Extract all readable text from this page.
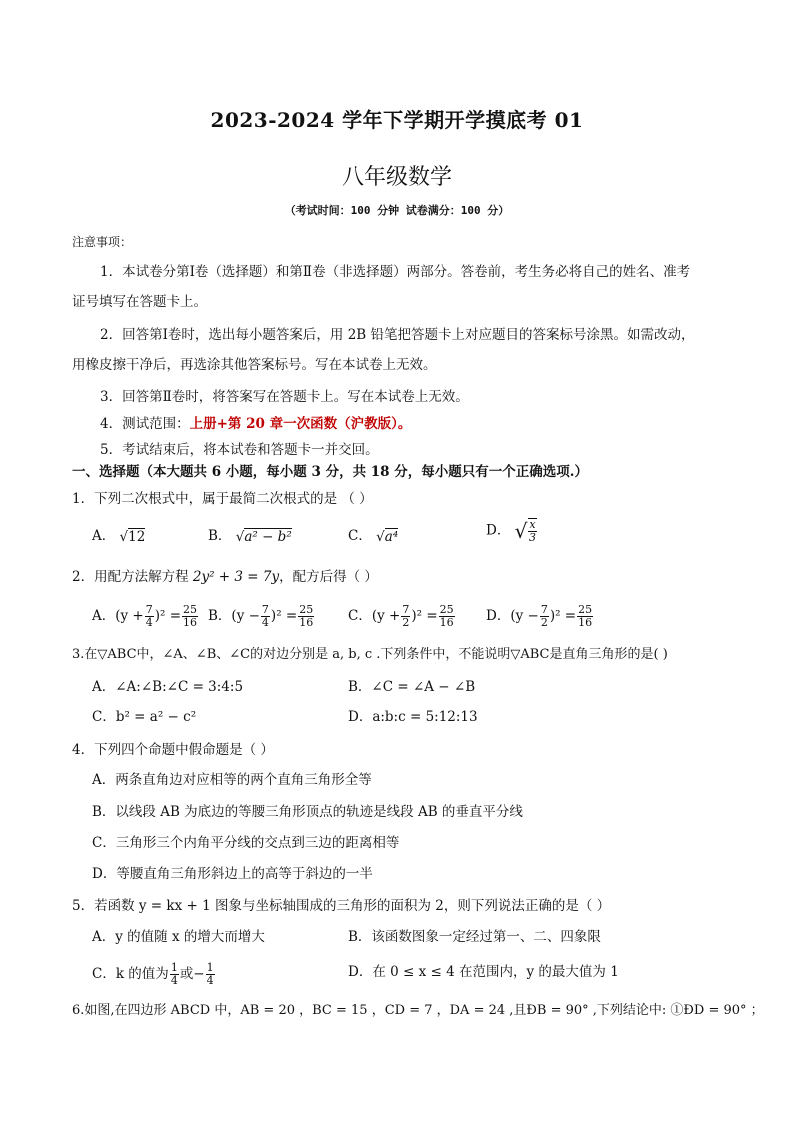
2023-2024 学年下学期开学摸底考 01
八年级数学
（考试时间：100 分钟 试卷满分：100 分）
注意事项：
1．本试卷分第Ⅰ卷（选择题）和第Ⅱ卷（非选择题）两部分。答卷前，考生务必将自己的姓名、准考
证号填写在答题卡上。
2．回答第Ⅰ卷时，选出每小题答案后，用 2B 铅笔把答题卡上对应题目的答案标号涂黑。如需改动，
用橡皮擦干净后，再选涂其他答案标号。写在本试卷上无效。
3．回答第Ⅱ卷时，将答案写在答题卡上。写在本试卷上无效。
4．测试范围：上册+第 20 章一次函数（沪教版）。
5．考试结束后，将本试卷和答题卡一并交回。
一、选择题（本大题共 6 小题，每小题 3 分，共 18 分，每小题只有一个正确选项.）
1．下列二次根式中，属于最简二次根式的是 （ ）
A． √12	B． √a² − b²	C． √a⁴	D． √ $\frac{x}{3}$
2．用配方法解方程 2y² + 3 = 7y，配方后得（ ）
A．$(y + \frac{7}{4} )^2 = \frac{25}{16}$ B．$(y - \frac{7}{4} )^2 = \frac{25}{16}$	C．$(y + \frac{7}{2} )^2 = \frac{25}{16}$ D．$(y - \frac{7}{2} )^2 = \frac{25}{16}$
3.在▽ABC中，∠A、∠B、∠C的对边分别是 a, b, c .下列条件中，不能说明▽ABC是直角三角形的是( )
A．∠A:∠B:∠C = 3:4:5	B．∠C = ∠A − ∠B
C．b² = a² − c²	D．a:b:c = 5:12:13
4．下列四个命题中假命题是（ ）
A．两条直角边对应相等的两个直角三角形全等
B．以线段 AB 为底边的等腰三角形顶点的轨迹是线段 AB 的垂直平分线
C．三角形三个内角平分线的交点到三边的距离相等
D．等腰直角三角形斜边上的高等于斜边的一半
5．若函数 y = kx + 1 图象与坐标轴围成的三角形的面积为 2，则下列说法正确的是（ ）
A．y 的值随 x 的增大而增大	B．该函数图象一定经过第一、二、四象限
C．k 的值为 $\frac{1}{4}$ 或− $\frac{1}{4}$	D．在 0 ≤ x ≤ 4 在范围内，y 的最大值为 1
6.如图,在四边形 ABCD 中，AB = 20 ，BC = 15 ，CD = 7 ，DA = 24 ,且ÐB = 90° ,下列结论中: ①ÐD = 90° ；
